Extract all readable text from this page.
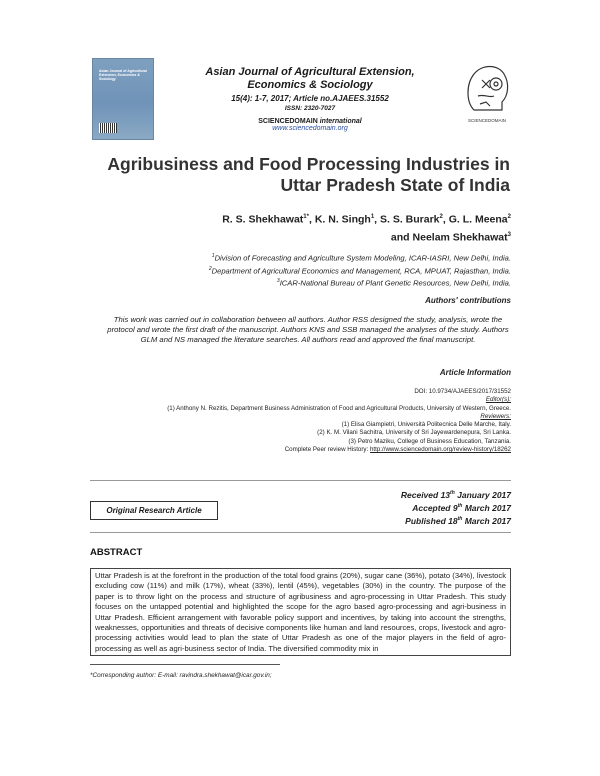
Asian Journal of Agricultural Extension, Economics & Sociology
Asian Journal of Agricultural Extension,
Economics & Sociology
15(4): 1-7, 2017; Article no.AJAEES.31552
ISSN: 2320-7027
SCIENCEDOMAIN international
www.sciencedomain.org
SCIENCEDOMAIN
Agribusiness and Food Processing Industries in
Uttar Pradesh State of India
R. S. Shekhawat$^{1*}$, K. N. Singh$^1$, S. S. Burark$^2$, G. L. Meena$^2$
and Neelam Shekhawat$^3$
$^1$Division of Forecasting and Agriculture System Modeling, ICAR-IASRI, New Delhi, India.
$^2$Department of Agricultural Economics and Management, RCA, MPUAT, Rajasthan, India.
$^3$ICAR-National Bureau of Plant Genetic Resources, New Delhi, India.
Authors' contributions
This work was carried out in collaboration between all authors. Author RSS designed the study, analysis, wrote the protocol and wrote the first draft of the manuscript. Authors KNS and SSB managed the analyses of the study. Authors GLM and NS managed the literature searches. All authors read and approved the final manuscript.
Article Information
DOI: 10.9734/AJAEES/2017/31552
Editor(s):
(1) Anthony N. Rezitis, Department Business Administration of Food and Agricultural Products, University of Western, Greece.
Reviewers:
(1) Elisa Giampietri, Università Politecnica Delle Marche, Italy.
(2) K. M. Vilani Sachitra, University of Sri Jayewardenepura, Sri Lanka.
(3) Petro Maziku, College of Business Education, Tanzania.
Complete Peer review History: http://www.sciencedomain.org/review-history/18262
Original Research Article
Received 13th January 2017
Accepted 9th March 2017
Published 18th March 2017
ABSTRACT

Uttar Pradesh is at the forefront in the production of the total food grains (20%), sugar cane (36%), potato (34%), livestock excluding cow (11%) and milk (17%), wheat (33%), lentil (45%), vegetables (30%) in the country. The purpose of the paper is to throw light on the process and structure of agribusiness and agro-processing in Uttar Pradesh. This study focuses on the untapped potential and highlighted the scope for the agro based agro-processing and agri-business in Uttar Pradesh. Efficient arrangement with favorable policy support and incentives, by taking into account the strengths, weaknesses, opportunities and threats of decisive components like human and land resources, crops, livestock and agro-processing activities would lead to plan the state of Uttar Pradesh as one of the major players in the field of agro-processing as well as agri-business sector of India. The diversified commodity mix in

*Corresponding author: E-mail: ravindra.shekhawat@icar.gov.in;
